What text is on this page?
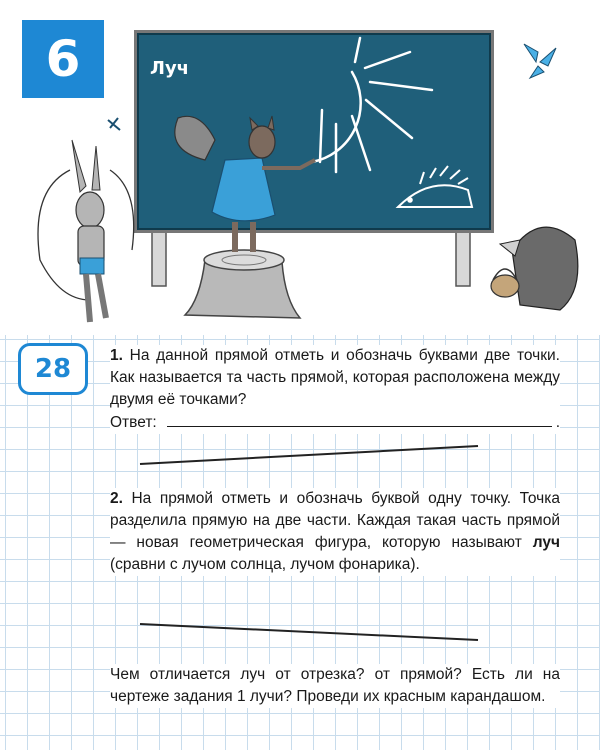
Луч
6
28	1. На данной прямой отметь и обозначь буквами две точки. Как называется та часть прямой, которая расположена между двумя её точками?
Ответ:	.
2. На прямой отметь и обозначь буквой одну точку. Точка разделила прямую на две части. Каждая такая часть прямой — новая геометрическая фигура, которую называют луч (сравни с лучом солнца, лучом фонарика).
Чем отличается луч от отрезка? от прямой? Есть ли на чертеже задания 1 лучи? Проведи их красным карандашом.
